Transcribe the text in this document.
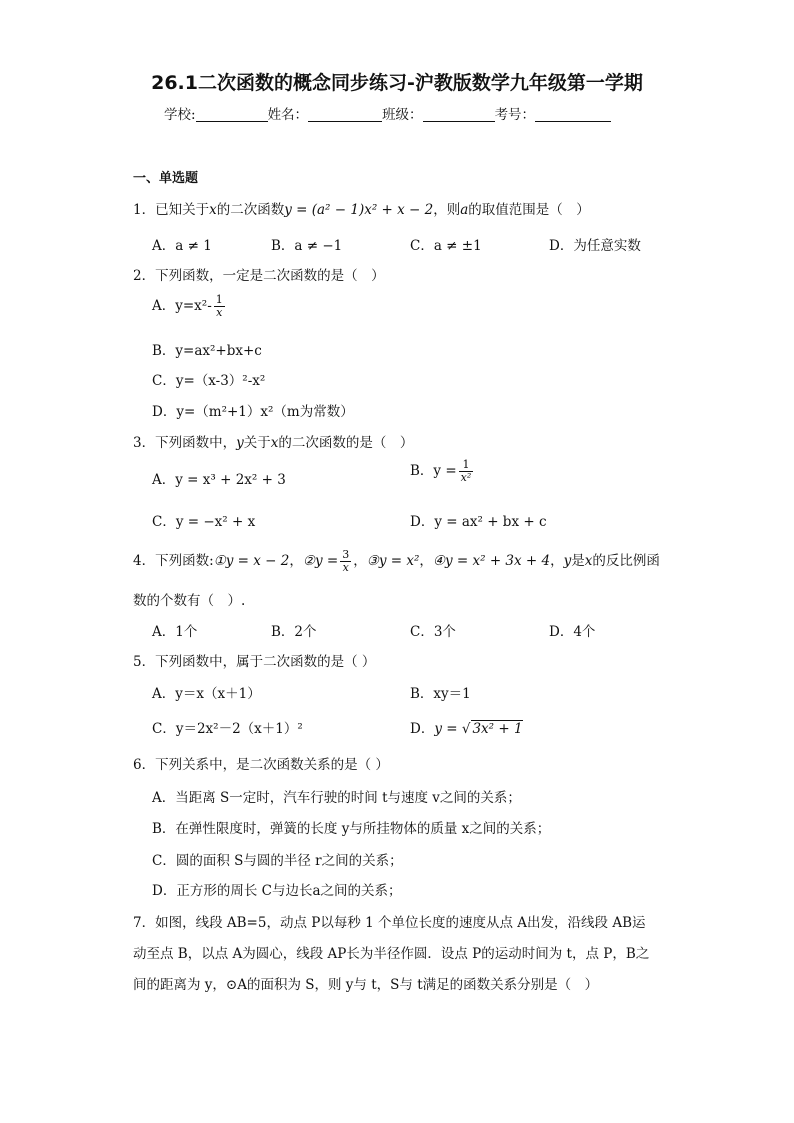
26.1二次函数的概念同步练习-沪教版数学九年级第一学期
学校:	姓名：	班级：	考号：
一、单选题
1．已知关于x的二次函数y = (a² − 1)x² + x − 2，则a的取值范围是（　）
A．a ≠ 1	B．a ≠ −1	C．a ≠ ±1	D．为任意实数
2．下列函数，一定是二次函数的是（　）
A．$y=x^2- \frac{1}{x}$
B．y=ax²+bx+c
C．y=（x-3）²-x²
D．y=（m²+1）x²（m为常数）
3．下列函数中，y关于x的二次函数的是（　）
A．y = x³ + 2x² + 3
B．$y = \frac{1}{\text{x²}}$
C．y = −x² + x	D．y = ax² + bx + c
4．下列函数:①y = x − 2，②y = $\frac{3}{x}$ ，③y = x²，④y = x² + 3x + 4，y是x的反比例函
数的个数有（　）.
A．1个	B．2个	C．3个	D．4个
5．下列函数中，属于二次函数的是（ ）
A．y＝x（x＋1）	B．xy＝1
C．y＝2x²－2（x＋1）²	D．y = √ 3x² + 1
6．下列关系中，是二次函数关系的是（ ）
A．当距离 S一定时，汽车行驶的时间 t与速度 v之间的关系；
B．在弹性限度时，弹簧的长度 y与所挂物体的质量 x之间的关系；
C．圆的面积 S与圆的半径 r之间的关系；
D．正方形的周长 C与边长a之间的关系；
7．如图，线段 AB=5，动点 P以每秒 1 个单位长度的速度从点 A出发，沿线段 AB运
动至点 B，以点 A为圆心，线段 AP长为半径作圆．设点 P的运动时间为 t，点 P，B之
间的距离为 y，⊙A的面积为 S，则 y与 t，S与 t满足的函数关系分别是（　）
